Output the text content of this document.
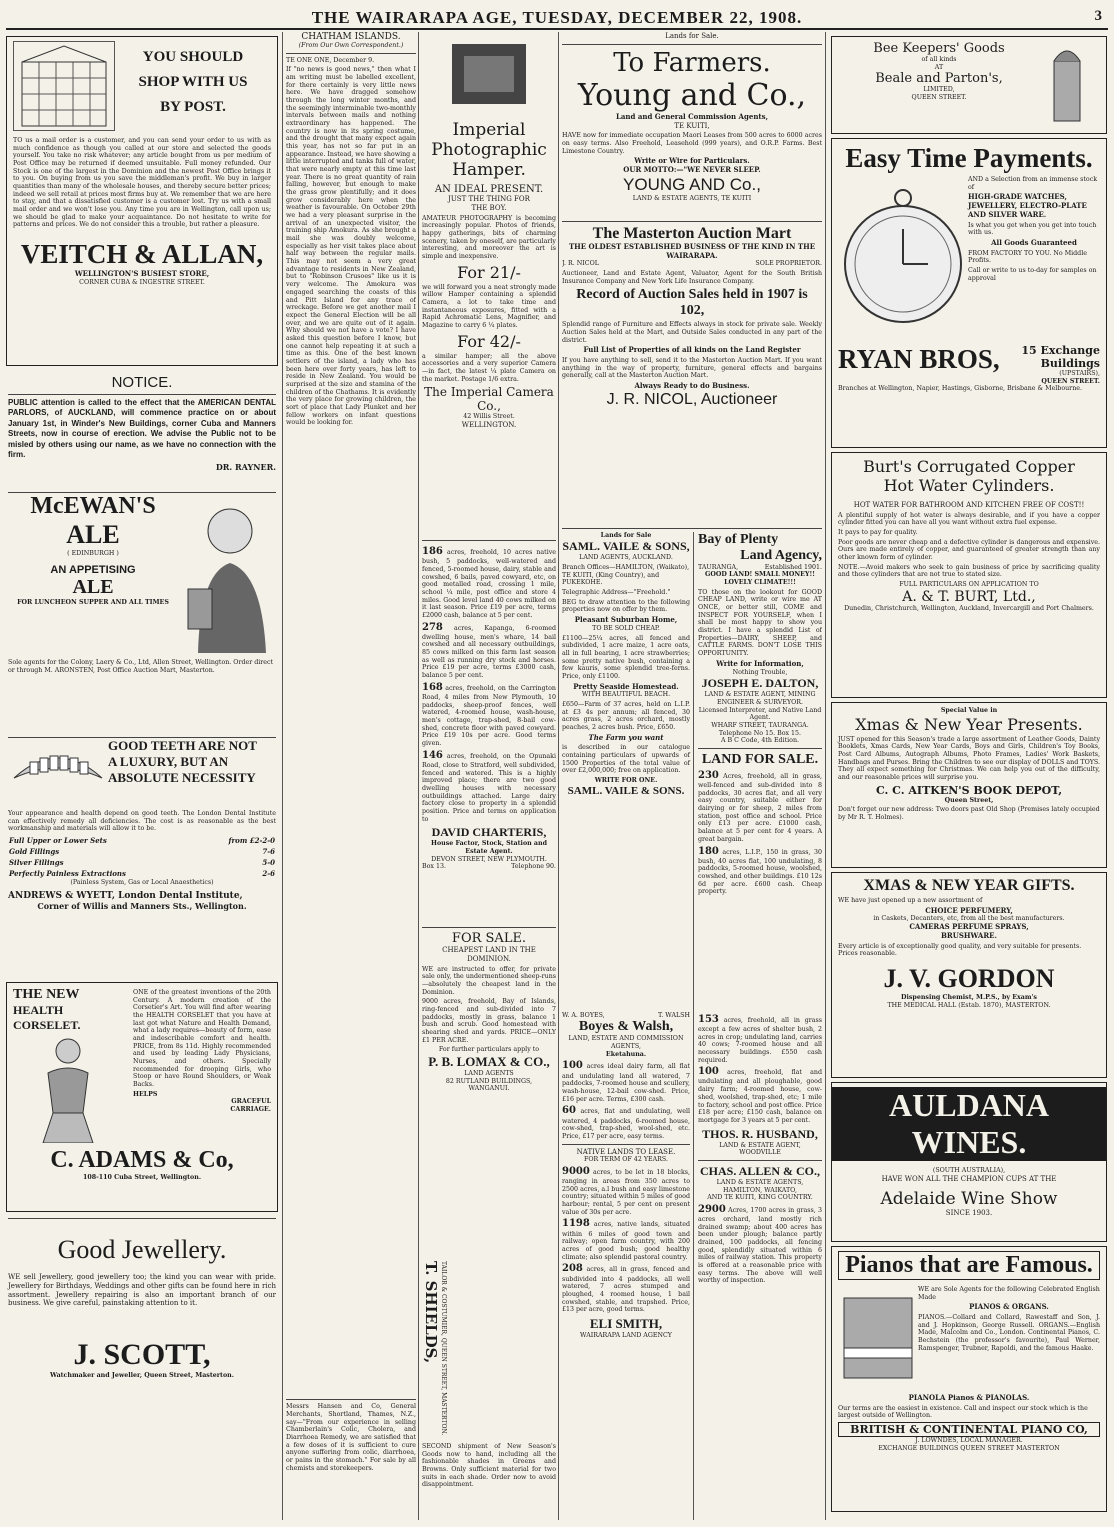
THE WAIRARAPA AGE, TUESDAY, DECEMBER 22, 1908.	3
YOU SHOULD
SHOP WITH US
BY POST.

TO us a mail order is a customer, and you can send your order to us with as much confidence as though you called at our store and selected the goods yourself. You take no risk whatever; any article bought from us per medium of Post Office may be returned if deemed unsuitable. Full money refunded. Our Stock is one of the largest in the Dominion and the newest Post Office brings it to you. On buying from us you save the middleman's profit. We buy in larger quantities than many of the wholesale houses, and thereby secure better prices; indeed we sell retail at prices most firms buy at. We remember that we are here to stay, and that a dissatisfied customer is a customer lost. Try us with a small mail order and we won't lose you. Any time you are in Wellington, call upon us; we should be glad to make your acquaintance. Do not hesitate to write for patterns and prices. We do not consider this a trouble, but rather a pleasure.

VEITCH & ALLAN,
WELLINGTON'S BUSIEST STORE,
CORNER CUBA & INGESTRE STREET.
NOTICE.

PUBLIC attention is called to the effect that the AMERICAN DENTAL PARLORS, of AUCKLAND, will commence practice on or about January 1st, in Winder's New Buildings, corner Cuba and Manners Streets, now in course of erection. We advise the Public not to be misled by others using our name, as we have no connection with the firm.

DR. RAYNER.
McEWAN'S
ALE
( EDINBURGH )
AN APPETISING
ALE
FOR LUNCHEON SUPPER AND ALL TIMES

Sole agents for the Colony, Laery & Co., Ltd, Allen Street, Wellington. Order direct or through M. ARONSTEN, Post Office Auction Mart, Masterton.

GOOD TEETH ARE NOT
A LUXURY, BUT AN
ABSOLUTE NECESSITY

Your appearance and health depend on good teeth. The London Dental Institute can effectively remedy all deficiencies. The cost is as reasonable as the best workmanship and materials will allow it to be.

Full Upper or Lower Sets	from £2-2-0
Gold Fillings	7-6
Silver Fillings	5-0
Perfectly Painless Extractions	2-6
(Painless System, Gas or Local Anaesthetics)
ANDREWS & WYETT, London Dental Institute,
Corner of Willis and Manners Sts., Wellington.
THE NEW
HEALTH CORSELET.

ONE of the greatest inventions of the 20th Century. A modern creation of the Corsetier's Art. You will find after wearing the HEALTH CORSELET that you have at last got what Nature and Health Demand, what a lady requires—beauty of form, ease and indescribable comfort and health. PRICE, from 8s 11d. Highly recommended and used by leading Lady Physicians, Nurses, and others. Specially recommended for drooping Girls, who Stoop or have Round Shoulders, or Weak Backs.

HELPS
GRACEFUL
CARRIAGE.
C. ADAMS & Co,
108-110 Cuba Street, Wellington.
Good Jewellery.

WE sell Jewellery, good jewellery too; the kind you can wear with pride. Jewellery for Birthdays, Weddings and other gifts can be found here in rich assortment. Jewellery repairing is also an important branch of our business. We give careful, painstaking attention to it.

J. SCOTT,
Watchmaker and Jeweller, Queen Street, Masterton.
CHATHAM ISLANDS.
(From Our Own Correspondent.)
TE ONE ONE, December 9.

If "no news is good news," then what I am writing must be labelled excellent, for there certainly is very little news here. We have dragged somehow through the long winter months, and the seemingly interminable two-monthly intervals between mails and nothing extraordinary has happened. The country is now in its spring costume, and the drought that many expect again this year, has not so far put in an appearance. Instead, we have showing a little interrupted and tanks full of water, that were nearly empty at this time last year. There is no great quantity of rain falling, however, but enough to make the grass grow plentifully; and it does grow considerably here when the weather is favourable. On October 29th we had a very pleasant surprise in the arrival of an unexpected visitor, the training ship Amokura. As she brought a mail she was doubly welcome, especially as her visit takes place about half way between the regular mails. This may not seem a very great advantage to residents in New Zealand, but to "Robinson Crusoes" like us it is very welcome. The Amokura was engaged searching the coasts of this and Pitt Island for any trace of wreckage. Before we get another mail I expect the General Election will be all over, and we are quite out of it again. Why should we not have a vote? I have asked this question before I know, but one cannot help repeating it at such a time as this. One of the best known settlers of the island, a lady who has been here over forty years, has left to reside in New Zealand. You would be surprised at the size and stamina of the children of the Chathams. It is evidently the very place for growing children, the sort of place that Lady Plunket and her fellow workers on infant questions would be looking for.

Messrs Hansen and Co, General Merchants, Shortland, Thames, N.Z., say—"From our experience in selling Chamberlain's Colic, Cholera, and Diarrhoea Remedy, we are satisfied that a few doses of it is sufficient to cure anyone suffering from colic, diarrhoea, or pains in the stomach." For sale by all chemists and storekeepers.

Imperial
Photographic
Hamper.
AN IDEAL PRESENT.
JUST THE THING FOR
THE BOY.

AMATEUR PHOTOGRAPHY is becoming increasingly popular. Photos of friends, happy gatherings, bits of charming scenery, taken by oneself, are particularly interesting, and moreover the art is simple and inexpensive.

For 21/-

we will forward you a neat strongly made willow Hamper containing a splendid Camera, a lot to take time and instantaneous exposures, fitted with a Rapid Achromatic Lens, Magnifier, and Magazine to carry 6 ¼ plates.

For 42/-

a similar hamper; all the above accessories and a very superior Camera—in fact, the latest ¼ plate Camera on the market. Postage 1/6 extra.

The Imperial Camera Co.,
42 Willis Street.
WELLINGTON.

186 acres, freehold, 10 acres native bush, 5 paddocks, well-watered and fenced, 5-roomed house, dairy, stable and cowshed, 6 bails, paved cowyard, etc, on good metalled road, crossing 1 mile, school ¼ mile, post office and store 4 miles. Good level land 40 cows milked on it last season. Price £19 per acre, terms £2000 cash, balance at 5 per cent.

278 acres, Kapanga, 6-roomed dwelling house, men's whare, 14 bail cowshed and all necessary outbuildings, 85 cows milked on this farm last season as well as running dry stock and horses. Price £19 per acre, terms £3000 cash, balance 5 per cent.

168 acres, freehold, on the Carrington Road, 4 miles from New Plymouth, 10 paddocks, sheep-proof fences, well watered, 4-roomed house, wash-house, men's cottage, trap-shed, 8-bail cow-shed, concrete floor with paved cowyard. Price £19 10s per acre. Good terms given.

146 acres, freehold, on the Opunaki Road, close to Stratford, well subdivided, fenced and watered. This is a highly improved place; there are two good dwelling houses with necessary outbuildings attached. Large dairy factory close to property in a splendid position. Price and terms on application to

DAVID CHARTERIS,
House Factor, Stock, Station and Estate Agent.
DEVON STREET, NEW PLYMOUTH.
Box 13.	Telephone 90.
FOR SALE.
CHEAPEST LAND IN THE DOMINION.

WE are instructed to offer, for private sale only, the undermentioned sheep-runs—absolutely the cheapest land in the Dominion.

9000 acres, freehold, Bay of Islands, ring-fenced and sub-divided into 7 paddocks, mostly in grass, balance 1 bush and scrub. Good homestead with shearing shed and yards. PRICE—ONLY £1 PER ACRE.

For further particulars apply to
P. B. LOMAX & CO.,
LAND AGENTS
82 RUTLAND BUILDINGS,
WANGANUI.
T. SHIELDS, TAILOR & COSTUMIER, QUEEN STREET, MASTERTON.

SECOND shipment of New Season's Goods now to hand, including all the fashionable shades in Greens and Browns. Only sufficient material for two suits in each shade. Order now to avoid disappointment.

Lands for Sale.
To Farmers.
Young and Co.,
Land and General Commission Agents,
TE KUITI,

HAVE now for immediate occupation Maori Leases from 500 acres to 6000 acres on easy terms. Also Freehold, Leasehold (999 years), and O.R.P. Farms. Best Limestone Country.

Write or Wire for Particulars.
OUR MOTTO:—"WE NEVER SLEEP.
YOUNG AND Co.,
LAND & ESTATE AGENTS, TE KUITI
The Masterton Auction Mart
THE OLDEST ESTABLISHED BUSINESS OF THE KIND IN THE WAIRARAPA.
J. R. NICOL	SOLE PROPRIETOR.

Auctioneer, Land and Estate Agent, Valuator, Agent for the South British Insurance Company and New York Life Insurance Company.

Record of Auction Sales held in 1907 is
102,

Splendid range of Furniture and Effects always in stock for private sale. Weekly Auction Sales held at the Mart, and Outside Sales conducted in any part of the district.

Full List of Properties of all kinds on the Land Register

If you have anything to sell, send it to the Masterton Auction Mart. If you want anything in the way of property, furniture, general effects and bargains generally, call at the Masterton Auction Mart.

Always Ready to do Business.
J. R. NICOL, Auctioneer
Lands for Sale
SAML. VAILE & SONS,
LAND AGENTS, AUCKLAND.

Branch Offices—HAMILTON, (Waikato), TE KUITI, (King Country), and PUKEKOHE.

Telegraphic Address—"Freehold."

BEG to draw attention to the following properties now on offer by them.

Pleasant Suburban Home,
TO BE SOLD CHEAP.

£1100—25¼ acres, all fenced and subdivided, 1 acre maize, 1 acre oats, all in full bearing, 1 acre strawberries; some pretty native bush, containing a few kauris, some splendid tree-ferns. Price, only £1100.

Pretty Seaside Homestead.
WITH BEAUTIFUL BEACH.

£650—Farm of 37 acres, held on L.I.P. at £3 4s per annum; all fenced, 30 acres grass, 2 acres orchard, mostly peaches, 2 acres bush. Price, £650.

The Farm you want

is described in our catalogue containing particulars of upwards of 1500 Properties of the total value of over £2,000,000; free on application.

WRITE FOR ONE.
SAML. VAILE & SONS.
Bay of Plenty
Land Agency,
TAURANGA,	Established 1901.
GOOD LAND! SMALL MONEY!! LOVELY CLIMATE!!!

TO those on the lookout for GOOD CHEAP LAND, write or wire me AT ONCE, or better still, COME and INSPECT FOR YOURSELF, when I shall be most happy to show you district. I have a splendid List of Properties—DAIRY, SHEEP, and CATTLE FARMS. DON'T LOSE THIS OPPORTUNITY.

Write for Information,
Nothing Trouble,
JOSEPH E. DALTON,
LAND & ESTATE AGENT, MINING ENGINEER & SURVEYOR.
Licensed Interpreter, and Native Land Agent.
WHARF STREET, TAURANGA.
Telephone No 15. Box 15.
A B C Code, 4th Edition.
LAND FOR SALE.

230 Acres, freehold, all in grass, well-fenced and sub-divided into 8 paddocks, 30 acres flat, and all very easy country, suitable either for dairying or for sheep, 2 miles from station, post office and school. Price only £13 per acre. £1000 cash, balance at 5 per cent for 4 years. A great bargain.

180 acres, L.I.P., 150 in grass, 30 bush, 40 acres flat, 100 undulating, 8 paddocks, 5-roomed house, woolshed, cowshed, and other buildings. £10 12s 6d per acre. £600 cash. Cheap property.

W. A. BOYES,	T. WALSH
Boyes & Walsh,
LAND, ESTATE AND COMMISSION AGENTS,
Eketahuna.

100 acres ideal dairy farm, all flat and undulating land all watered, 7 paddocks, 7-roomed house and scullery, wash-house, 12-bail cow-shed. Price, £16 per acre. Terms, £300 cash.

60 acres, flat and undulating, well watered, 4 paddocks, 6-roomed house, cow-shed, trap-shed, wool-shed, etc. Price, £17 per acre, easy terms.

NATIVE LANDS TO LEASE.
FOR TERM OF 42 YEARS.

9000 acres, to be let in 18 blocks, ranging in areas from 350 acres to 2500 acres, a.l bush and easy limestone country; situated within 5 miles of good harbour; rental, 5 per cent on present value of 30s per acre.

1198 acres, native lands, situated within 6 miles of good town and railway; open farm country, with 200 acres of good bush; good healthy climate; also splendid pastoral country.

208 acres, all in grass, fenced and subdivided into 4 paddocks, all well watered, 7 acres stumped and ploughed, 4 roomed house, 1 bail cowshed, stable, and trapshed. Price, £13 per acre, good terms.

ELI SMITH,
WAIRARAPA LAND AGENCY

153 acres, freehold, all in grass except a few acres of shelter bush, 2 acres in crop; undulating land, carries 40 cows; 7-roomed house and all necessary buildings. £550 cash required.

100 acres, freehold, flat and undulating and all ploughable, good dairy farm; 4-roomed house, cow-shed, woolshed, trap-shed, etc; 1 mile to factory, school and post office. Price £18 per acre; £150 cash, balance on mortgage for 3 years at 5 per cent.

THOS. R. HUSBAND,
LAND & ESTATE AGENT,
WOODVILLE
CHAS. ALLEN & CO.,
LAND & ESTATE AGENTS,
HAMILTON, WAIKATO,
AND TE KUITI, KING COUNTRY.

2900 Acres, 1700 acres in grass, 3 acres orchard, land mostly rich drained swamp; about 400 acres has been under plough; balance partly drained, 100 paddocks, all fencing good, splendidly situated within 6 miles of railway station. This property is offered at a reasonable price with easy terms. The above will well worthy of inspection.

Bee Keepers' Goods
of all kinds
AT
Beale and Parton's,
LIMITED,
QUEEN STREET.
Easy Time Payments.

AND a Selection from an immense stock of

HIGH-GRADE WATCHES, JEWELLERY, ELECTRO-PLATE AND SILVER WARE.

Is what you get when you get into touch with us.

All Goods Guaranteed

FROM FACTORY TO YOU. No Middle Profits.

Call or write to us to-day for samples on approval

RYAN BROS,	15 Exchange Buildings
(UPSTAIRS),
QUEEN STREET.
Branches at Wellington, Napier, Hastings, Gisborne, Brisbane & Melbourne.
Burt's Corrugated Copper
Hot Water Cylinders.
HOT WATER FOR BATHROOM AND KITCHEN FREE OF COST!!

A plentiful supply of hot water is always desirable, and if you have a copper cylinder fitted you can have all you want without extra fuel expense.

It pays to pay for quality.

Poor goods are never cheap and a defective cylinder is dangerous and expensive. Ours are made entirely of copper, and guaranteed of greater strength than any other known form of cylinder.

NOTE.—Avoid makers who seek to gain business of price by sacrificing quality and those cylinders that are not true to stated size.

FULL PARTICULARS ON APPLICATION TO
A. & T. BURT, Ltd.,
Dunedin, Christchurch, Wellington, Auckland, Invercargill and Port Chalmers.
Special Value in
Xmas & New Year Presents.

JUST opened for this Season's trade a large assortment of Leather Goods, Dainty Booklets, Xmas Cards, New Year Cards, Boys and Girls, Children's Toy Books, Post Card Albums, Autograph Albums, Photo Frames, Ladies' Work Baskets, Handbags and Purses. Bring the Children to see our display of DOLLS and TOYS. They all expect something for Christmas. We can help you out of the difficulty, and our reasonable prices will surprise you.

C. C. AITKEN'S BOOK DEPOT,
Queen Street,

Don't forget our new address: Two doors past Old Shop (Premises lately occupied by Mr R. T. Holmes).

XMAS & NEW YEAR GIFTS.

WE have just opened up a new assortment of

CHOICE PERFUMERY,
in Caskets, Decanters, etc, from all the best manufacturers.
CAMERAS PERFUME SPRAYS,
BRUSHWARE.

Every article is of exceptionally good quality, and very suitable for presents. Prices reasonable.

J. V. GORDON
Dispensing Chemist, M.P.S., by Exam's
THE MEDICAL HALL (Estab. 1870), MASTERTON.
AULDANA WINES.
(SOUTH AUSTRALIA),
HAVE WON ALL THE CHAMPION CUPS AT THE
Adelaide Wine Show
SINCE 1903.
Pianos that are Famous.

WE are Sole Agents for the following Celebrated English Made

PIANOS & ORGANS.

PIANOS.—Collard and Collard, Rawestaff and Son, J. and J. Hopkinson, George Russell. ORGANS.—English Made, Malcolm and Co., London. Continental Pianos, C. Bechstein (the professor's favourite), Paul Werner, Ramspenger, Trubner, Rapoldi, and the famous Haake.

PIANOLA Pianos & PIANOLAS.

Our terms are the easiest in existence. Call and inspect our stock which is the largest outside of Wellington.

BRITISH & CONTINENTAL PIANO CO,
J. LOWNDES, LOCAL MANAGER.
EXCHANGE BUILDINGS QUEEN STREET MASTERTON
